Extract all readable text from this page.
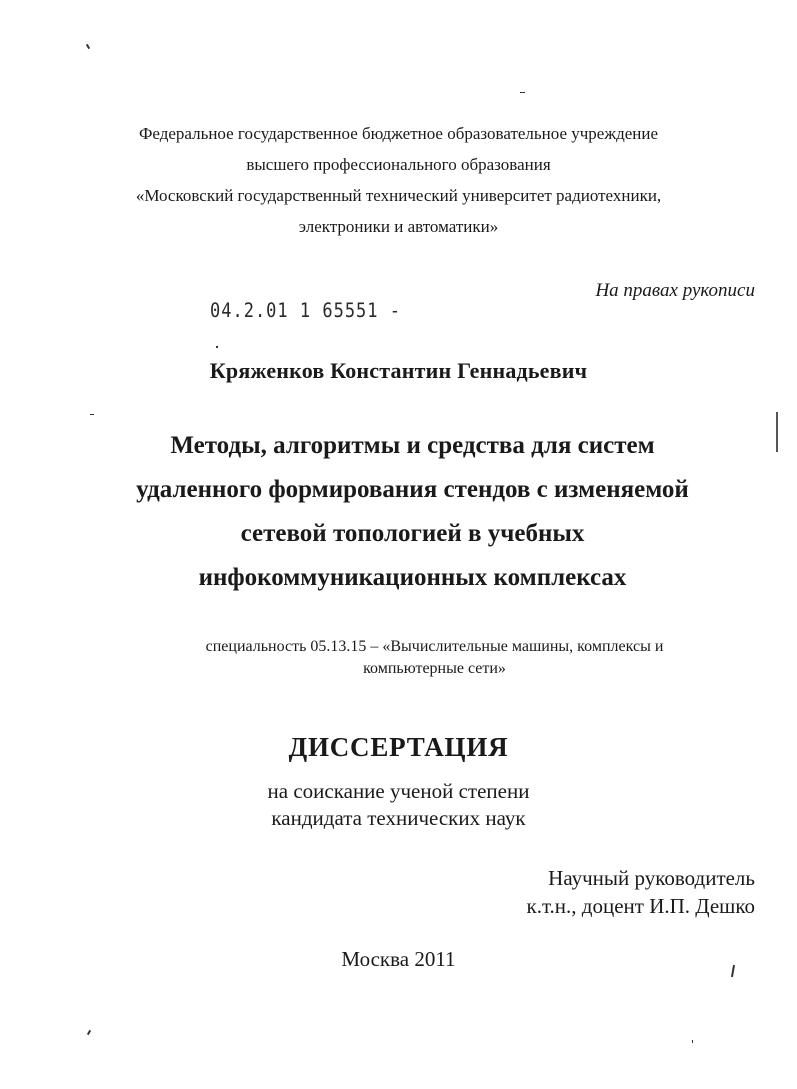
Федеральное государственное бюджетное образовательное учреждение
высшего профессионального образования
«Московский государственный технический университет радиотехники,
электроники и автоматики»
На правах рукописи
04.2.01 1 65551 -
Кряженков Константин Геннадьевич
Методы, алгоритмы и средства для систем
удаленного формирования стендов с изменяемой
сетевой топологией в учебных
инфокоммуникационных комплексах
специальность 05.13.15 – «Вычислительные машины, комплексы и
компьютерные сети»
ДИССЕРТАЦИЯ
на соискание ученой степени
кандидата технических наук
Научный руководитель
к.т.н., доцент И.П. Дешко
Москва 2011
